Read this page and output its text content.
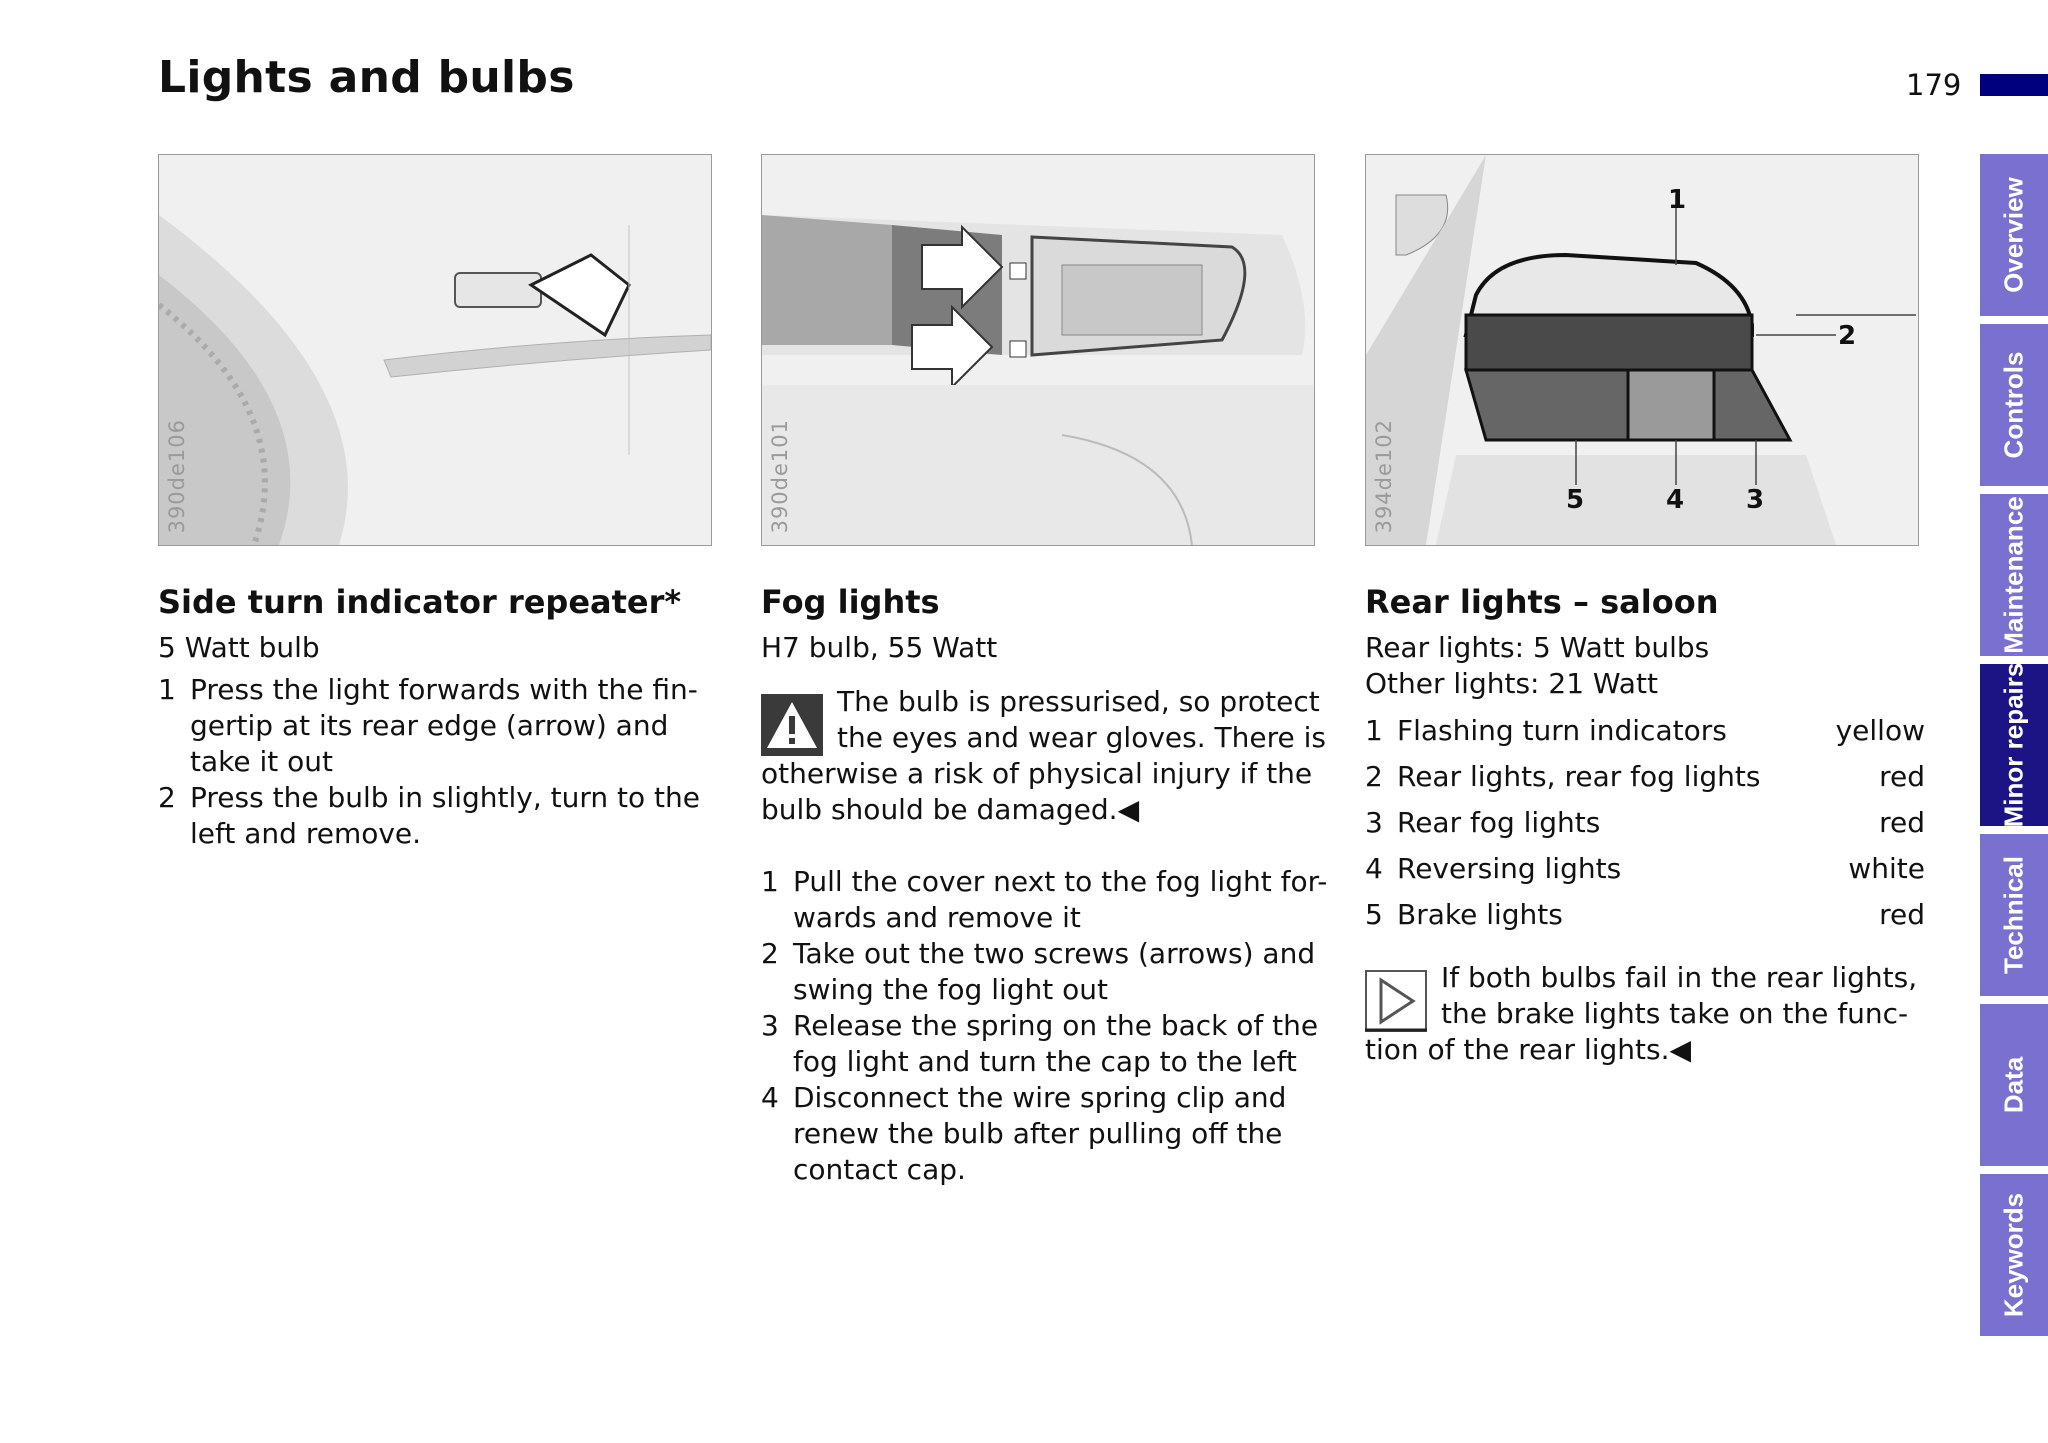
Lights and bulbs	179
390de106	390de101
1
2
5	4 3
394de102
Side turn indicator repeater*

5 Watt bulb

1 Press the light forwards with the fin-gertip at its rear edge (arrow) and take it out
2 Press the bulb in slightly, turn to the left and remove.
Fog lights

H7 bulb, 55 Watt

The bulb is pressurised, so protect the eyes and wear gloves. There is otherwise a risk of physical injury if the bulb should be damaged.◀
1 Pull the cover next to the fog light for-wards and remove it
2 Take out the two screws (arrows) and swing the fog light out
3 Release the spring on the back of the fog light and turn the cap to the left
4 Disconnect the wire spring clip and renew the bulb after pulling off the contact cap.
Rear lights – saloon

Rear lights: 5 Watt bulbs

Other lights: 21 Watt

1 Flashing turn indicators	yellow
2 Rear lights, rear fog lights	red
3 Rear fog lights	red
4 Reversing lights	white
5 Brake lights	red
If both bulbs fail in the rear lights, the brake lights take on the func-tion of the rear lights.◀
Overview
Controls
Maintenance
Minor repairs
Technical
Data
Keywords
